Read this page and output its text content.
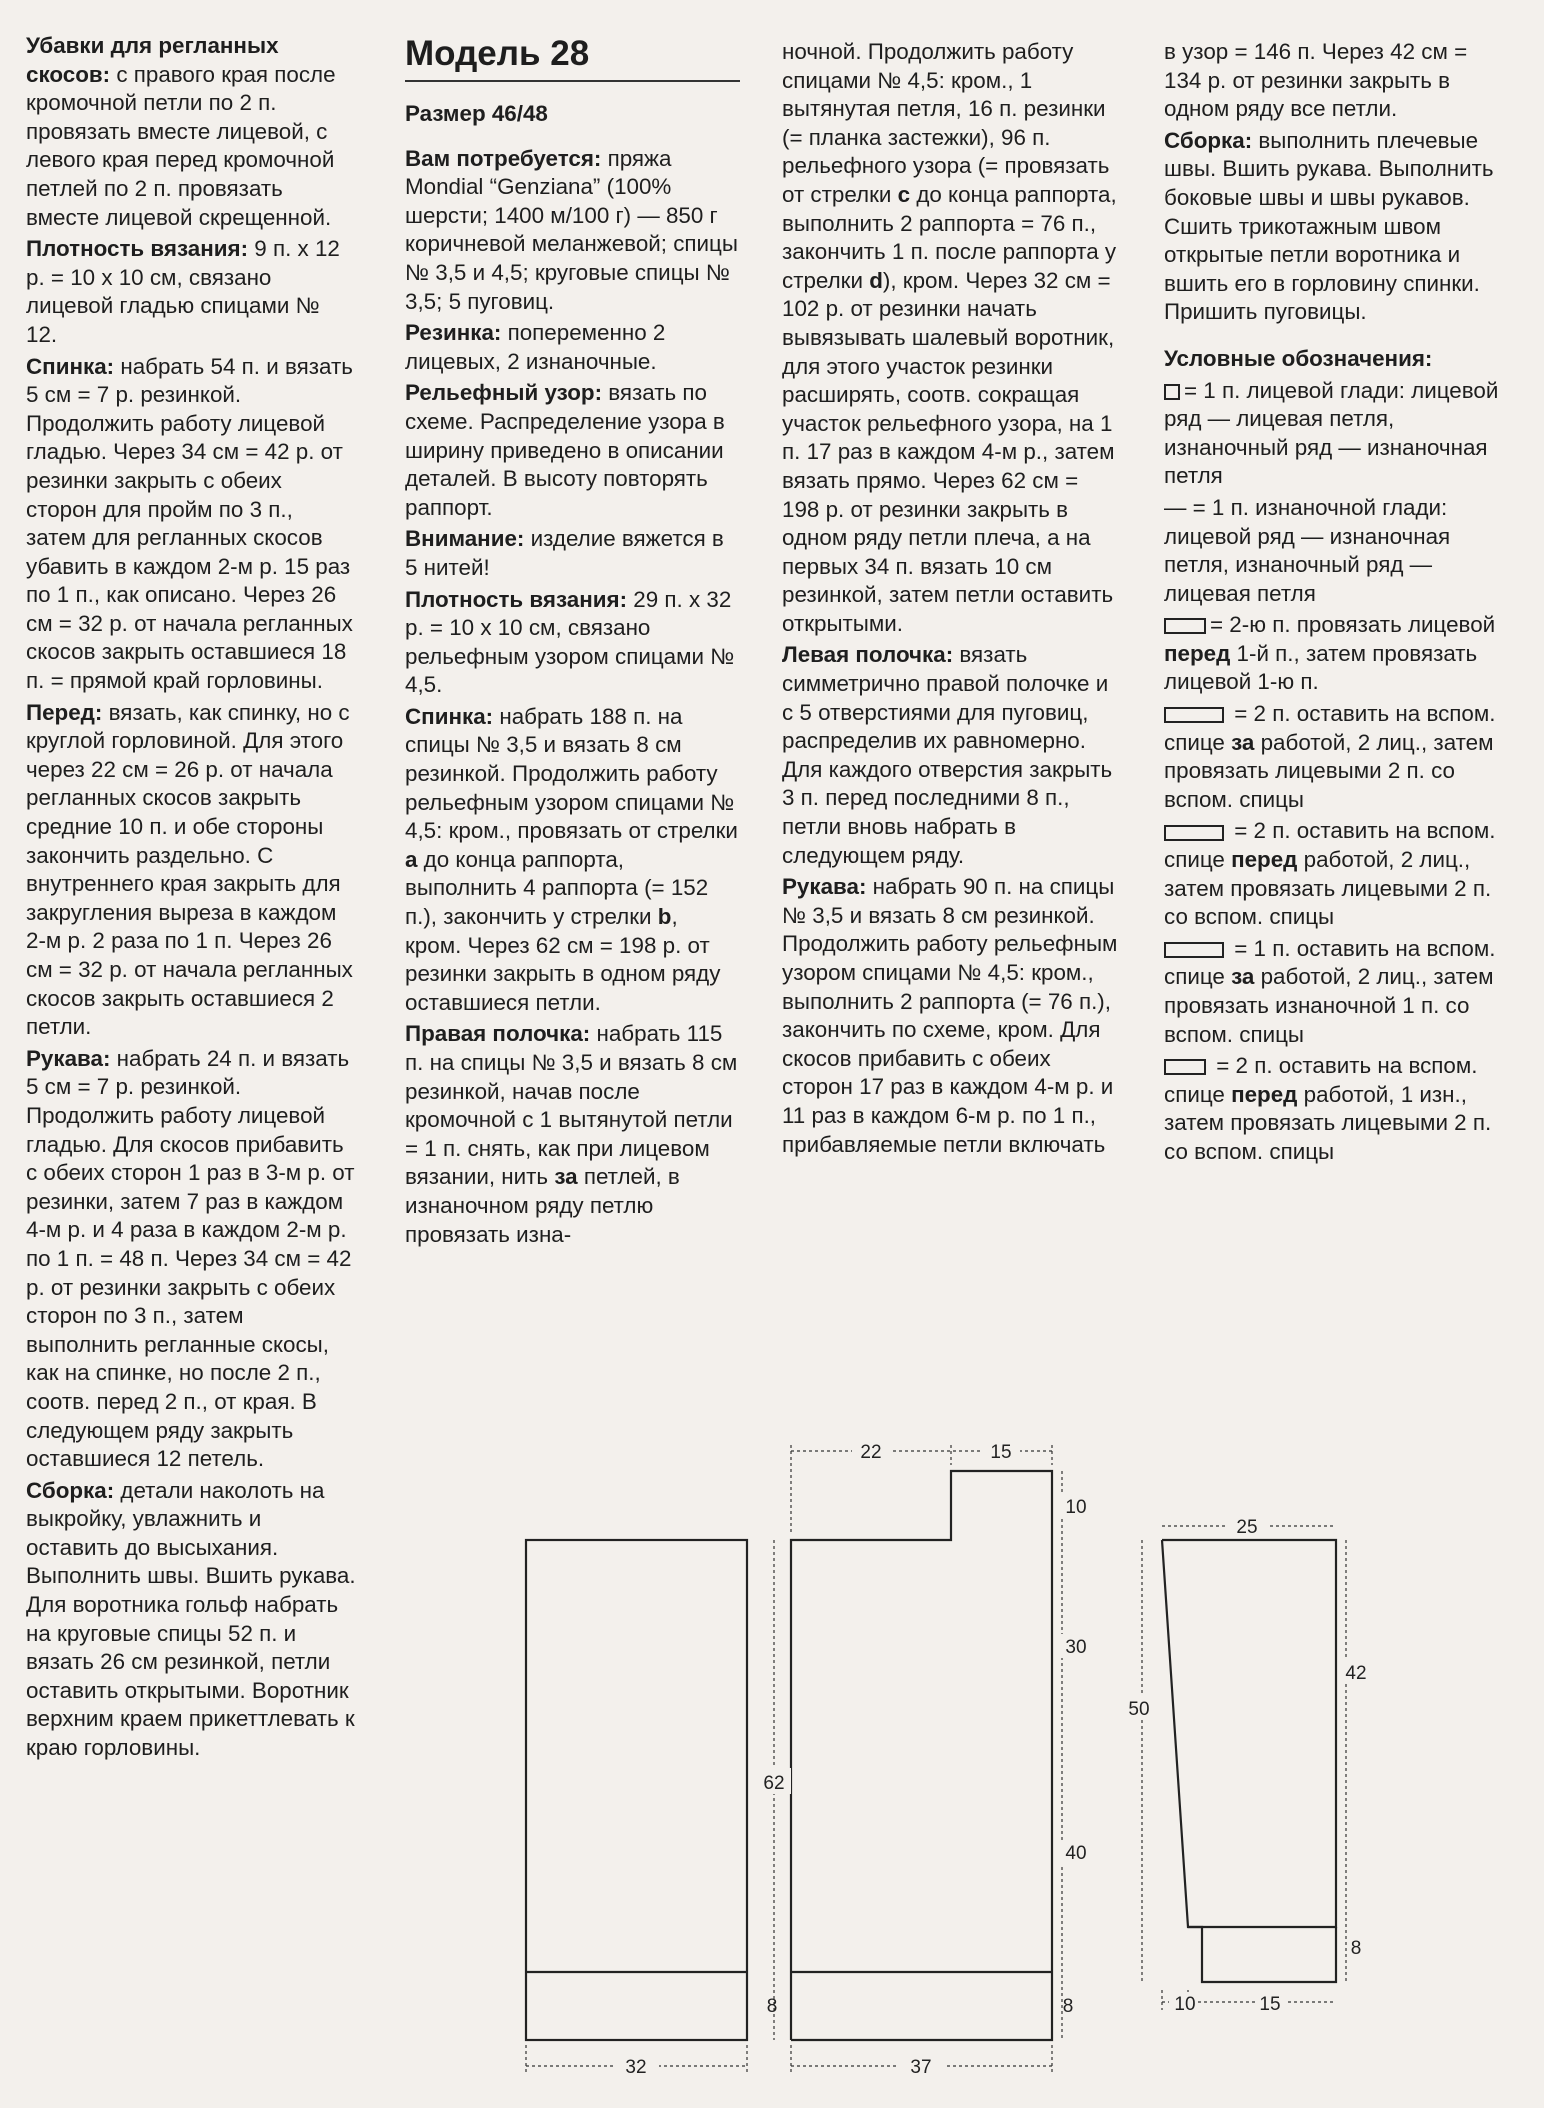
Убавки для регланных скосов: с правого края после кромочной петли по 2 п. провязать вместе лицевой, с левого края перед кромочной петлей по 2 п. провязать вместе лицевой скрещенной.

Плотность вязания: 9 п. х 12 р. = 10 х 10 см, связано лицевой гладью спицами № 12.

Спинка: набрать 54 п. и вязать 5 см = 7 р. резинкой. Продолжить работу лицевой гладью. Через 34 см = 42 р. от резинки закрыть с обеих сторон для пройм по 3 п., затем для регланных скосов убавить в каждом 2-м р. 15 раз по 1 п., как описано. Через 26 см = 32 р. от начала регланных скосов закрыть оставшиеся 18 п. = прямой край горловины.

Перед: вязать, как спинку, но с круглой горловиной. Для этого через 22 см = 26 р. от начала регланных скосов закрыть средние 10 п. и обе стороны закончить раздельно. С внутреннего края закрыть для закругления выреза в каждом 2-м р. 2 раза по 1 п. Через 26 см = 32 р. от начала регланных скосов закрыть оставшиеся 2 петли.

Рукава: набрать 24 п. и вязать 5 см = 7 р. резинкой. Продолжить работу лицевой гладью. Для скосов прибавить с обеих сторон 1 раз в 3-м р. от резинки, затем 7 раз в каждом 4-м р. и 4 раза в каждом 2-м р. по 1 п. = 48 п. Через 34 см = 42 р. от резинки закрыть с обеих сторон по 3 п., затем выполнить регланные скосы, как на спинке, но после 2 п., соотв. перед 2 п., от края. В следующем ряду закрыть оставшиеся 12 петель.

Сборка: детали наколоть на выкройку, увлажнить и оставить до высыхания. Выполнить швы. Вшить рукава. Для воротника гольф набрать на круговые спицы 52 п. и вязать 26 см резинкой, петли оставить открытыми. Воротник верхним краем прикеттлевать к краю горловины.

Модель 28

Размер 46/48

Вам потребуется: пряжа Mondial “Genziana” (100% шерсти; 1400 м/100 г) — 850 г коричневой меланжевой; спицы № 3,5 и 4,5; круговые спицы № 3,5; 5 пуговиц.

Резинка: попеременно 2 лицевых, 2 изнаночные.

Рельефный узор: вязать по схеме. Распределение узора в ширину приведено в описании деталей. В высоту повторять раппорт.

Внимание: изделие вяжется в 5 нитей!

Плотность вязания: 29 п. х 32 р. = 10 х 10 см, связано рельефным узором спицами № 4,5.

Спинка: набрать 188 п. на спицы № 3,5 и вязать 8 см резинкой. Продолжить работу рельефным узором спицами № 4,5: кром., провязать от стрелки а до конца раппорта, выполнить 4 раппорта (= 152 п.), закончить у стрелки b, кром. Через 62 см = 198 р. от резинки закрыть в одном ряду оставшиеся петли.

Правая полочка: набрать 115 п. на спицы № 3,5 и вязать 8 см резинкой, начав после кромочной с 1 вытянутой петли = 1 п. снять, как при лицевом вязании, нить за петлей, в изнаночном ряду петлю провязать изна-

ночной. Продолжить работу спицами № 4,5: кром., 1 вытянутая петля, 16 п. резинки (= планка застежки), 96 п. рельефного узора (= провязать от стрелки с до конца раппорта, выполнить 2 раппорта = 76 п., закончить 1 п. после раппорта у стрелки d), кром. Через 32 см = 102 р. от резинки начать вывязывать шалевый воротник, для этого участок резинки расширять, соотв. сокращая участок рельефного узора, на 1 п. 17 раз в каждом 4-м р., затем вязать прямо. Через 62 см = 198 р. от резинки закрыть в одном ряду петли плеча, а на первых 34 п. вязать 10 см резинкой, затем петли оставить открытыми.

Левая полочка: вязать симметрично правой полочке и с 5 отверстиями для пуговиц, распределив их равномерно. Для каждого отверстия закрыть 3 п. перед последними 8 п., петли вновь набрать в следующем ряду.

Рукава: набрать 90 п. на спицы № 3,5 и вязать 8 см резинкой. Продолжить работу рельефным узором спицами № 4,5: кром., выполнить 2 раппорта (= 76 п.), закончить по схеме, кром. Для скосов прибавить с обеих сторон 17 раз в каждом 4-м р. и 11 раз в каждом 6-м р. по 1 п., прибавляемые петли включать

в узор = 146 п. Через 42 см = 134 р. от резинки закрыть в одном ряду все петли.

Сборка: выполнить плечевые швы. Вшить рукава. Выполнить боковые швы и швы рукавов. Сшить трикотажным швом открытые петли воротника и вшить его в горловину спинки. Пришить пуговицы.

Условные обозначения:

= 1 п. лицевой глади: лицевой ряд — лицевая петля, изнаночный ряд — изнаночная петля

— = 1 п. изнаночной глади: лицевой ряд — изнаночная петля, изнаночный ряд — лицевая петля

= 2-ю п. провязать лицевой перед 1-й п., затем провязать лицевой 1-ю п.

= 2 п. оставить на вспом. спице за работой, 2 лиц., затем провязать лицевыми 2 п. со вспом. спицы

= 2 п. оставить на вспом. спице перед работой, 2 лиц., затем провязать лицевыми 2 п. со вспом. спицы

= 1 п. оставить на вспом. спице за работой, 2 лиц., затем провязать изнаночной 1 п. со вспом. спицы

= 2 п. оставить на вспом. спице перед работой, 1 изн., затем провязать лицевыми 2 п. со вспом. спицы

32
62
8
22	15
10
30
40
8
37
25
50
42
8
10	15
